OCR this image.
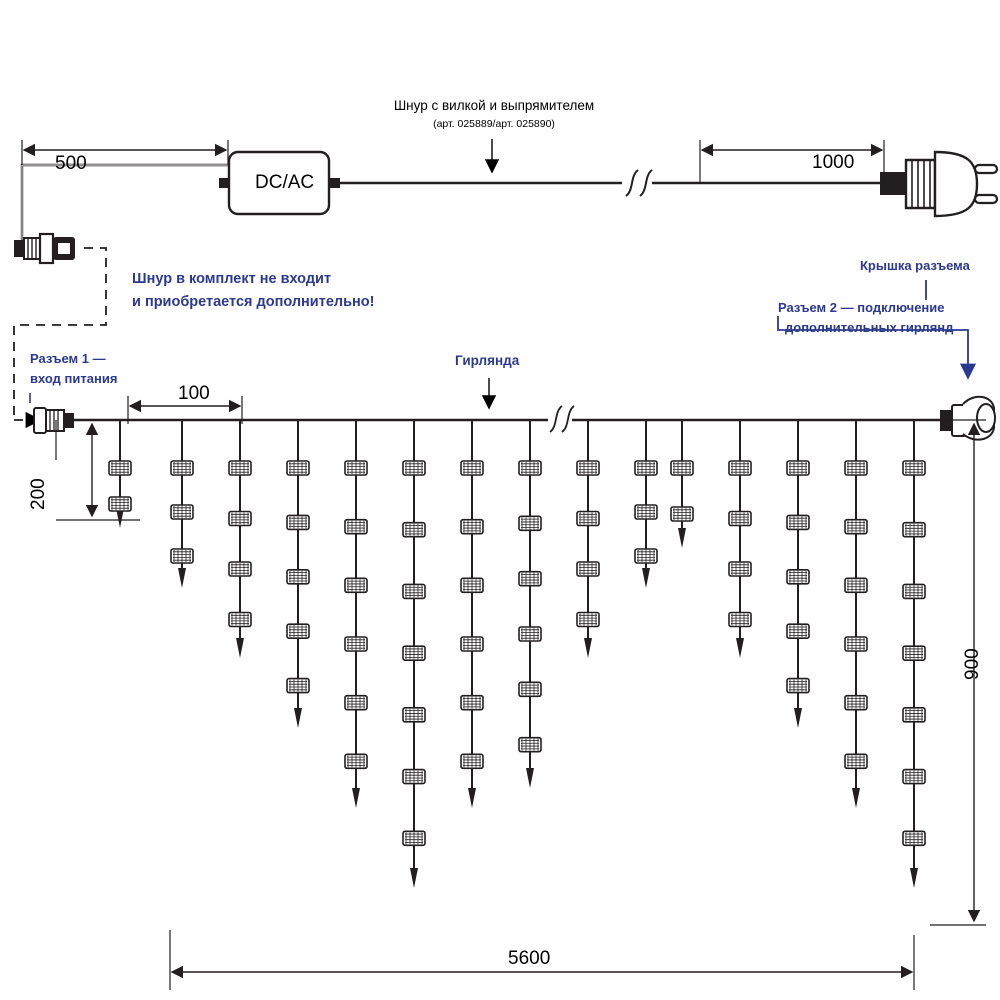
Шнур с вилкой и выпрямителем
(арт. 025889/арт. 025890)
500	1000
DC/AC
Шнур в комплект не входит
и приобретается дополнительно!
Разъем 1 —
вход питания
Разъем 2 — подключение
Крышка разъема
Гирлянда
100
200
900
5600
дополнительных гирлянд
